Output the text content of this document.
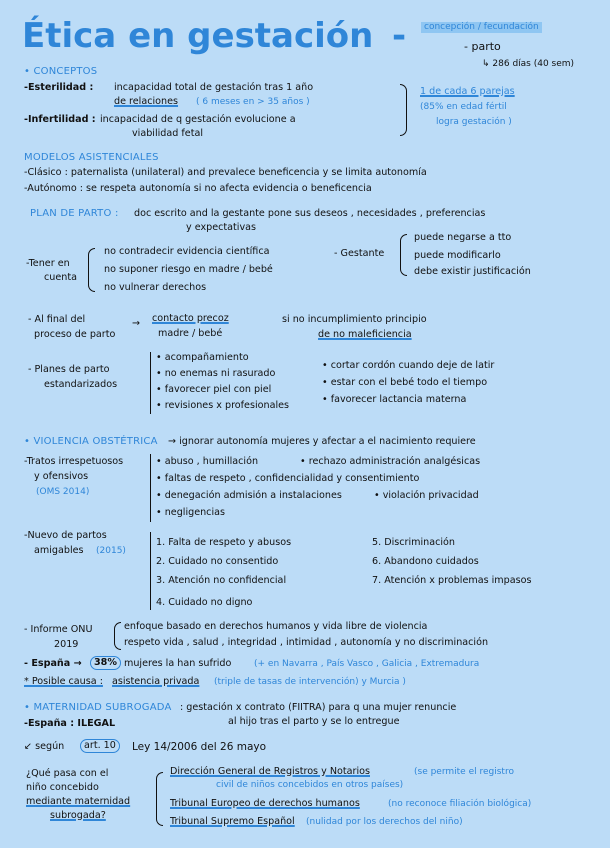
Ética en gestación -	concepción / fecundación
- parto
↳ 286 días (40 sem)
• CONCEPTOS
-Esterilidad : incapacidad total de gestación tras 1 año
de relaciones ( 6 meses en > 35 años )
-Infertilidad : incapacidad de q gestación evolucione a
viabilidad fetal
1 de cada 6 parejas
(85% en edad fértil
logra gestación )
MODELOS ASISTENCIALES
-Clásico : paternalista (unilateral) and prevalece beneficencia y se limita autonomía
-Autónomo : se respeta autonomía si no afecta evidencia o beneficencia
PLAN DE PARTO : doc escrito and la gestante pone sus deseos , necesidades , preferencias
y expectativas
-Tener en
cuenta
no contradecir evidencia científica
no suponer riesgo en madre / bebé
no vulnerar derechos
- Gestante
puede negarse a tto
puede modificarlo
debe existir justificación
- Al final del
proceso de parto
→ contacto precoz
madre / bebé
si no incumplimiento principio
de no maleficiencia
- Planes de parto
estandarizados
• acompañamiento
• no enemas ni rasurado
• favorecer piel con piel
• revisiones x profesionales
• cortar cordón cuando deje de latir
• estar con el bebé todo el tiempo
• favorecer lactancia materna
• VIOLENCIA OBSTÉTRICA → ignorar autonomía mujeres y afectar a el nacimiento requiere
-Tratos irrespetuosos
y ofensivos
(OMS 2014)
• abuso , humillación
• faltas de respeto , confidencialidad y consentimiento
• denegación admisión a instalaciones
• negligencias
• rechazo administración analgésicas
• violación privacidad
-Nuevo de partos
amigables (2015)
1. Falta de respeto y abusos
2. Cuidado no consentido
3. Atención no confidencial
4. Cuidado no digno
5. Discriminación
6. Abandono cuidados
7. Atención x problemas impasos
- Informe ONU
2019
enfoque basado en derechos humanos y vida libre de violencia
respeto vida , salud , integridad , intimidad , autonomía y no discriminación
- España →	38% mujeres la han sufrido	(+ en Navarra , País Vasco , Galicia , Extremadura
* Posible causa : asistencia privada (triple de tasas de intervención) y Murcia )
• MATERNIDAD SUBROGADA : gestación x contrato (FIITRA) para q una mujer renuncie
al hijo tras el parto y se lo entregue
-España : ILEGAL
↙ según	art. 10	Ley 14/2006 del 26 mayo
¿Qué pasa con el
niño concebido
mediante maternidad
subrogada?
Dirección General de Registros y Notarios	(se permite el registro
civil de niños concebidos en otros países)
Tribunal Europeo de derechos humanos	(no reconoce filiación biológica)
Tribunal Supremo Español (nulidad por los derechos del niño)
